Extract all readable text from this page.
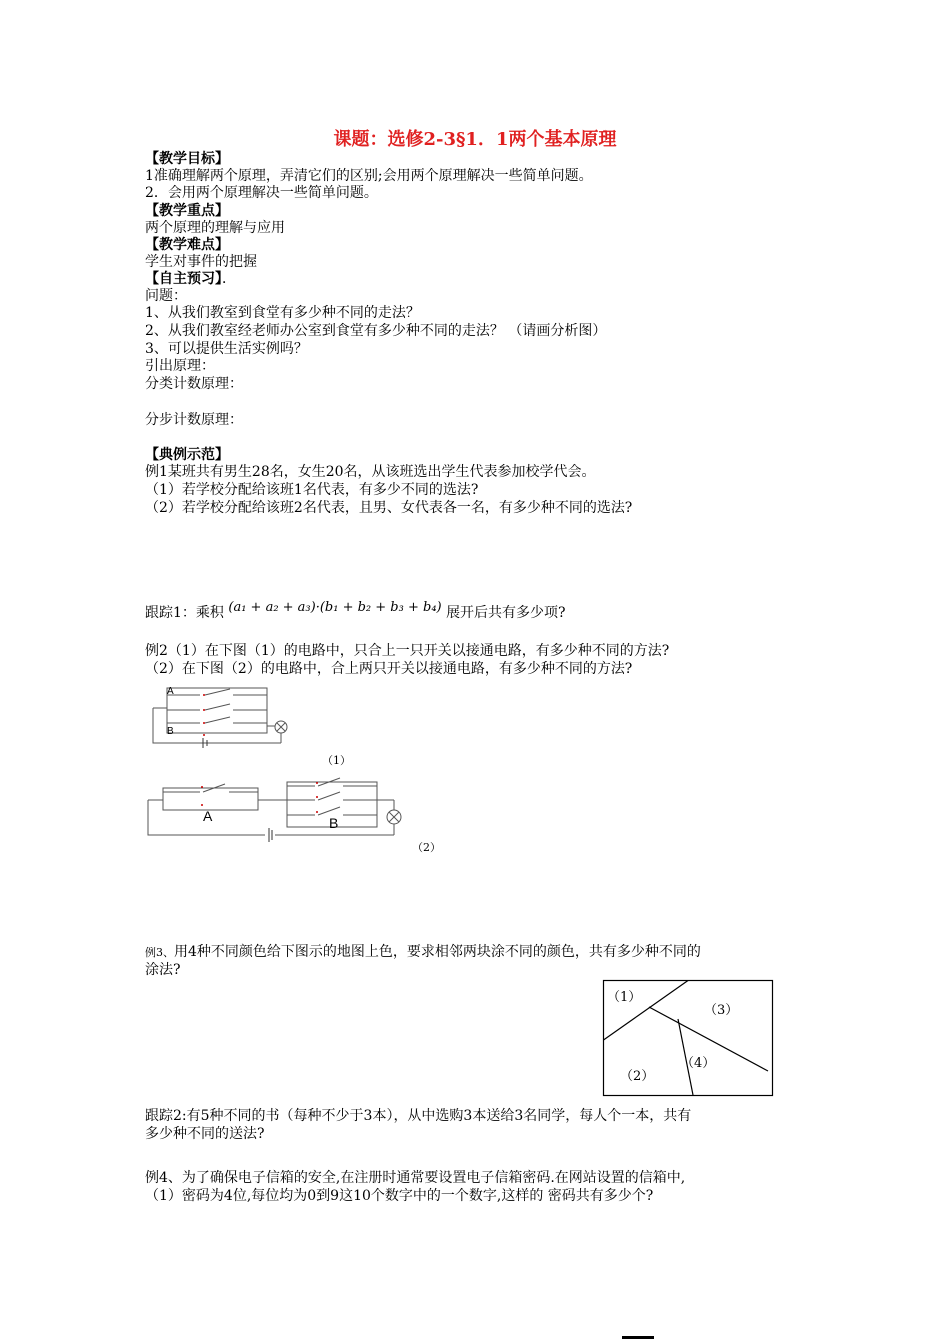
课题：选修2-3§1．1两个基本原理
【教学目标】
1准确理解两个原理，弄清它们的区别;会用两个原理解决一些简单问题。
2．会用两个原理解决一些简单问题。
【教学重点】
两个原理的理解与应用
【教学难点】
学生对事件的把握
【自主预习】．
问题：
1、从我们教室到食堂有多少种不同的走法？
2、从我们教室经老师办公室到食堂有多少种不同的走法？ （请画分析图）
3、可以提供生活实例吗？
引出原理：
分类计数原理：
分步计数原理：
【典例示范】
例1某班共有男生28名，女生20名，从该班选出学生代表参加校学代会。
（1）若学校分配给该班1名代表，有多少不同的选法?
（2）若学校分配给该班2名代表，且男、女代表各一名，有多少种不同的选法?
跟踪1：乘积 (a₁ + a₂ + a₃)·(b₁ + b₂ + b₃ + b₄) 展开后共有多少项?
例2（1）在下图（1）的电路中，只合上一只开关以接通电路，有多少种不同的方法?
（2）在下图（2）的电路中，合上两只开关以接通电路，有多少种不同的方法?
A
B
（1）
A	B
（2）
例3、用4种不同颜色给下图示的地图上色，要求相邻两块涂不同的颜色，共有多少种不同的
涂法?
（1）
（3）
（4）
（2）
跟踪2:有5种不同的书（每种不少于3本），从中选购3本送给3名同学，每人个一本，共有
多少种不同的送法?
例4、为了确保电子信箱的安全,在注册时通常要设置电子信箱密码.在网站设置的信箱中,
（1）密码为4位,每位均为0到9这10个数字中的一个数字,这样的 密码共有多少个?
